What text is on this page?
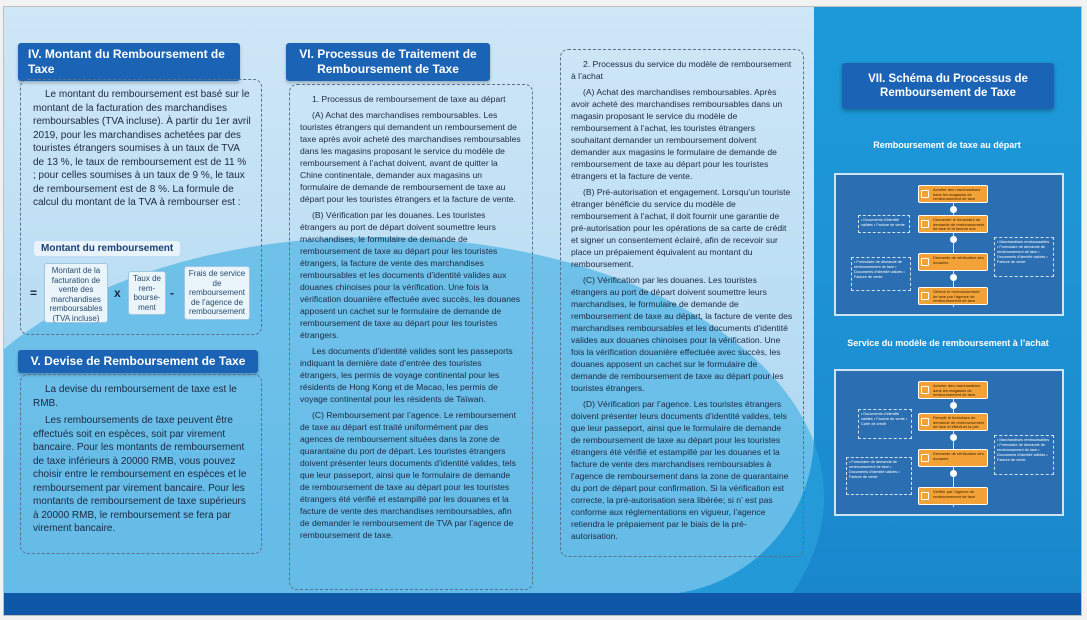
IV. Montant du Remboursement de Taxe

Le montant du remboursement est basé sur le montant de la facturation des marchandises remboursables (TVA incluse). À partir du 1er avril 2019, pour les marchandises achetées par des touristes étrangers soumises à un taux de TVA de 13 %, le taux de remboursement est de 11 % ; pour celles soumises à un taux de 9 %, le taux de remboursement est de 8 %. La formule de calcul du montant de la TVA à rembourser est :

Montant du remboursement
=
Montant de la facturation de vente des marchandises remboursables (TVA incluse)
x
Taux de rem-bourse-ment
-
Frais de service de remboursement de l’agence de remboursement
V. Devise de Remboursement de Taxe

La devise du remboursement de taxe est le RMB.

Les remboursements de taxe peuvent être effectués soit en espèces, soit par virement bancaire. Pour les montants de remboursement de taxe inférieurs à 20000 RMB, vous pouvez choisir entre le remboursement en espèces et le remboursement par virement bancaire. Pour les montants de remboursement de taxe supérieurs à 20000 RMB, le remboursement se fera par virement bancaire.

VI. Processus de Traitement de Remboursement de Taxe

1. Processus de remboursement de taxe au départ

(A) Achat des marchandises remboursables. Les touristes étrangers qui demandent un remboursement de taxe après avoir acheté des marchandises remboursables dans les magasins proposant le service du modèle de remboursement à l’achat doivent, avant de quitter la Chine continentale, demander aux magasins un formulaire de demande de remboursement de taxe au départ pour les touristes étrangers et la facture de vente.

(B) Vérification par les douanes. Les touristes étrangers au port de départ doivent soumettre leurs marchandises, le formulaire de demande de remboursement de taxe au départ pour les touristes étrangers, la facture de vente des marchandises remboursables et les documents d’identité valides aux douanes chinoises pour la vérification. Une fois la vérification douanière effectuée avec succès, les douanes apposent un cachet sur le formulaire de demande de remboursement de taxe au départ pour les touristes étrangers.

Les documents d’identité valides sont les passeports indiquant la dernière date d’entrée des touristes étrangers, les permis de voyage continental pour les résidents de Hong Kong et de Macao, les permis de voyage continental pour les résidents de Taïwan.

(C) Remboursement par l’agence. Le remboursement de taxe au départ est traité uniformément par des agences de remboursement situées dans la zone de quarantaine du port de départ. Les touristes étrangers doivent présenter leurs documents d’identité valides, tels que leur passeport, ainsi que le formulaire de demande de remboursement de taxe au départ pour les touristes étrangers été vérifié et estampillé par les douanes et la facture de vente des marchandises remboursables, afin de demander le remboursement de TVA par l’agence de remboursement de taxe.

2. Processus du service du modèle de remboursement à l’achat

(A) Achat des marchandises remboursables. Après avoir acheté des marchandises remboursables dans un magasin proposant le service du modèle de remboursement à l’achat, les touristes étrangers souhaitant demander un remboursement doivent demander aux magasins le formulaire de demande de remboursement de taxe au départ pour les touristes étrangers et la facture de vente.

(B) Pré-autorisation et engagement. Lorsqu’un touriste étranger bénéficie du service du modèle de remboursement à l’achat, il doit fournir une garantie de pré-autorisation pour les opérations de sa carte de crédit et signer un consentement éclairé, afin de recevoir sur place un prépaiement équivalent au montant du remboursement.

(C) Vérification par les douanes. Les touristes étrangers au port de départ doivent soumettre leurs marchandises, le formulaire de demande de remboursement de taxe au départ, la facture de vente des marchandises remboursables et les documents d’identité valides aux douanes chinoises pour la vérification. Une fois la vérification douanière effectuée avec succès, les douanes apposent un cachet sur le formulaire de demande de remboursement de taxe au départ pour les touristes étrangers.

(D) Vérification par l’agence. Les touristes étrangers doivent présenter leurs documents d’identité valides, tels que leur passeport, ainsi que le formulaire de demande de remboursement de taxe au départ pour les touristes étrangers été vérifié et estampillé par les douanes et la facture de vente des marchandises remboursables à l’agence de remboursement dans la zone de quarantaine du port de départ pour confirmation. Si la vérification est correcte, la pré-autorisation sera libérée; si n’ est pas conforme aux réglementations en vigueur, l’agence retiendra le prépaiement par le biais de la pré-autorisation.

VII. Schéma du Processus de Remboursement de Taxe
Remboursement de taxe au départ
Acheter des marchandises dans les magasins de remboursement de taxe
Demander le formulaire de demande de remboursement de taxe et la facture aux magasins
Demande de vérification des douanes
Obtenir le remboursement de taxe par l’agence de remboursement de taxe
• Documents d’identité valides • Facture de vente
• Formulaire de demande de remboursement de taxe • Documents d’identité valides • Facture de vente
• Marchandises remboursables • Formulaire de demande de remboursement de taxe • Documents d’identité valides • Facture de vente
Service du modèle de remboursement à l’achat
Acheter des marchandises dans les magasins de remboursement de taxe
Remplir le formulaire de demande de remboursement de taxe et effectuer la pré-autorisation
Demande de vérification des douanes
Vérifier par l’agence de remboursement de taxe
• Documents d’identité valides • Facture de vente • Carte de crédit
• Formulaire de demande de remboursement de taxe • Documents d’identité valides • Facture de vente
• Marchandises remboursables • Formulaire de demande de remboursement de taxe • Documents d’identité valides • Facture de vente
